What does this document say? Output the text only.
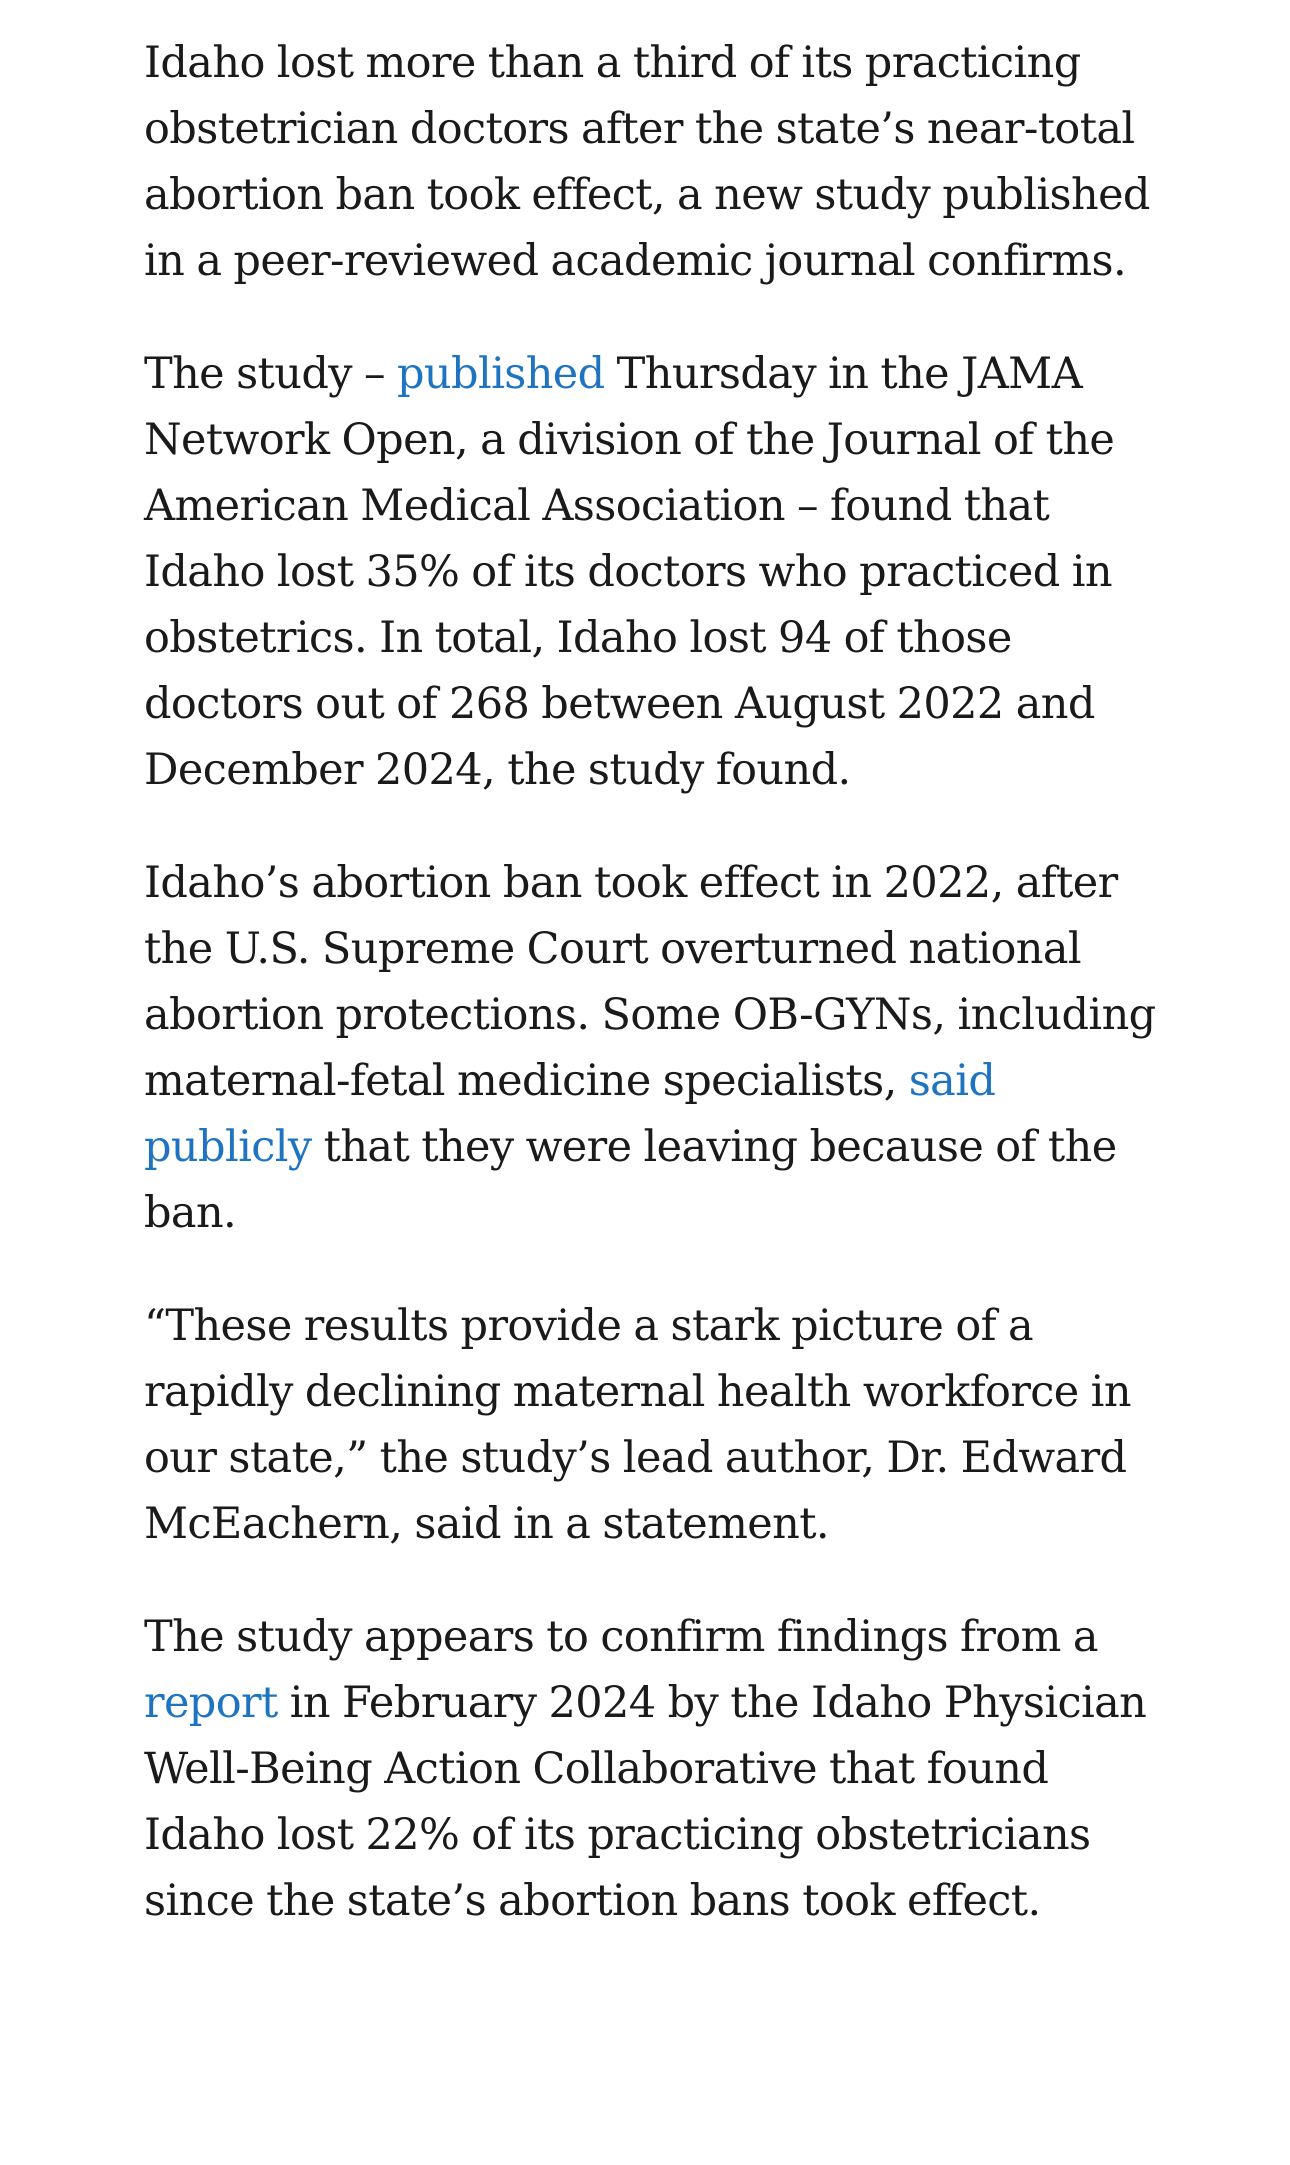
Idaho lost more than a third of its practicing obstetrician doctors after the state’s near-total abortion ban took effect, a new study published in a peer-reviewed academic journal confirms.

The study – published Thursday in the JAMA Network Open, a division of the Journal of the American Medical Association – found that Idaho lost 35% of its doctors who practiced in obstetrics. In total, Idaho lost 94 of those doctors out of 268 between August 2022 and December 2024, the study found.

Idaho’s abortion ban took effect in 2022, after the U.S. Supreme Court overturned national abortion protections. Some OB-GYNs, including maternal-fetal medicine specialists, said publicly that they were leaving because of the ban.

“These results provide a stark picture of a rapidly declining maternal health workforce in our state,” the study’s lead author, Dr. Edward McEachern, said in a statement.

The study appears to confirm findings from a report in February 2024 by the Idaho Physician Well-Being Action Collaborative that found Idaho lost 22% of its practicing obstetricians since the state’s abortion bans took effect.
